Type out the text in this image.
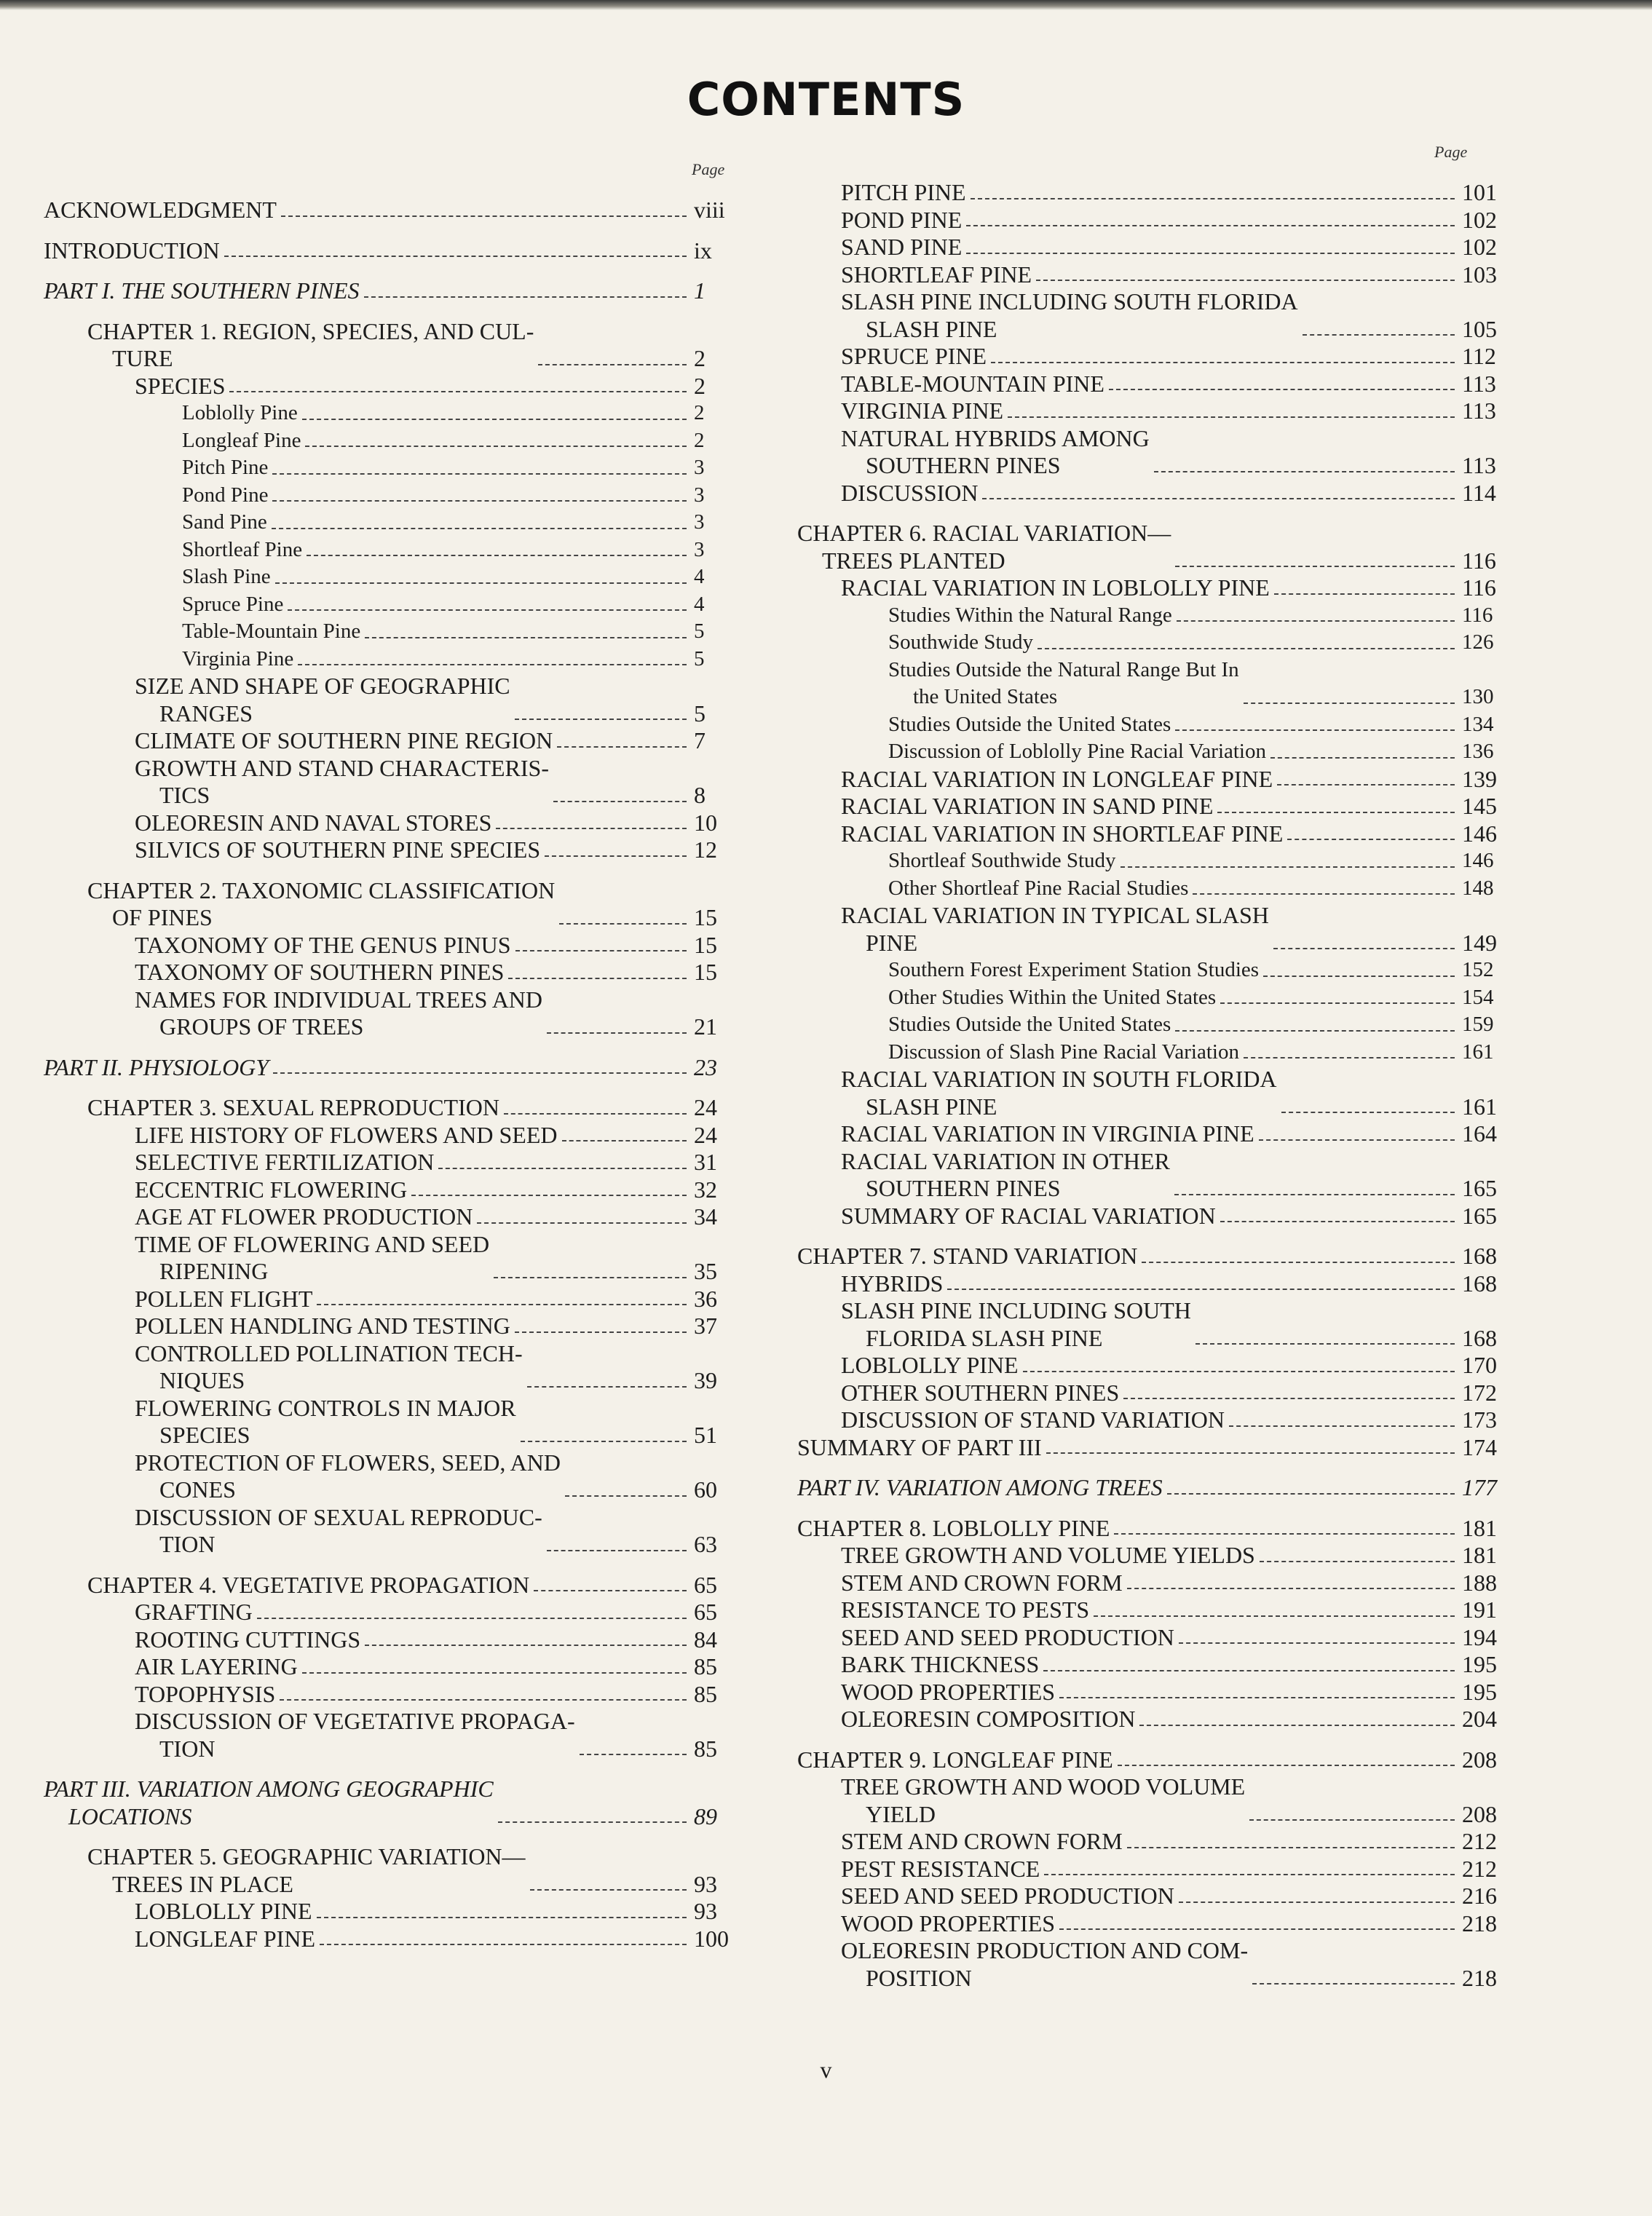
CONTENTS
Page
ACKNOWLEDGMENT	viii
INTRODUCTION	ix
PART I. THE SOUTHERN PINES	1
CHAPTER 1. REGION, SPECIES, AND CUL-
TURE	2
SPECIES	2
Loblolly Pine	2
Longleaf Pine	2
Pitch Pine	3
Pond Pine	3
Sand Pine	3
Shortleaf Pine	3
Slash Pine	4
Spruce Pine	4
Table-Mountain Pine	5
Virginia Pine	5
SIZE AND SHAPE OF GEOGRAPHIC
RANGES	5
CLIMATE OF SOUTHERN PINE REGION	7
GROWTH AND STAND CHARACTERIS-
TICS	8
OLEORESIN AND NAVAL STORES	10
SILVICS OF SOUTHERN PINE SPECIES	12
CHAPTER 2. TAXONOMIC CLASSIFICATION
OF PINES	15
TAXONOMY OF THE GENUS PINUS	15
TAXONOMY OF SOUTHERN PINES	15
NAMES FOR INDIVIDUAL TREES AND
GROUPS OF TREES	21
PART II. PHYSIOLOGY	23
CHAPTER 3. SEXUAL REPRODUCTION	24
LIFE HISTORY OF FLOWERS AND SEED	24
SELECTIVE FERTILIZATION	31
ECCENTRIC FLOWERING	32
AGE AT FLOWER PRODUCTION	34
TIME OF FLOWERING AND SEED
RIPENING	35
POLLEN FLIGHT	36
POLLEN HANDLING AND TESTING	37
CONTROLLED POLLINATION TECH-
NIQUES	39
FLOWERING CONTROLS IN MAJOR
SPECIES	51
PROTECTION OF FLOWERS, SEED, AND
CONES	60
DISCUSSION OF SEXUAL REPRODUC-
TION	63
CHAPTER 4. VEGETATIVE PROPAGATION	65
GRAFTING	65
ROOTING CUTTINGS	84
AIR LAYERING	85
TOPOPHYSIS	85
DISCUSSION OF VEGETATIVE PROPAGA-
TION	85
PART III. VARIATION AMONG GEOGRAPHIC
LOCATIONS	89
CHAPTER 5. GEOGRAPHIC VARIATION—
TREES IN PLACE	93
LOBLOLLY PINE	93
LONGLEAF PINE	100
Page
PITCH PINE	101
POND PINE	102
SAND PINE	102
SHORTLEAF PINE	103
SLASH PINE INCLUDING SOUTH FLORIDA
SLASH PINE	105
SPRUCE PINE	112
TABLE-MOUNTAIN PINE	113
VIRGINIA PINE	113
NATURAL HYBRIDS AMONG
SOUTHERN PINES	113
DISCUSSION	114
CHAPTER 6. RACIAL VARIATION—
TREES PLANTED	116
RACIAL VARIATION IN LOBLOLLY PINE	116
Studies Within the Natural Range	116
Southwide Study	126
Studies Outside the Natural Range But In
the United States	130
Studies Outside the United States	134
Discussion of Loblolly Pine Racial Variation	136
RACIAL VARIATION IN LONGLEAF PINE	139
RACIAL VARIATION IN SAND PINE	145
RACIAL VARIATION IN SHORTLEAF PINE	146
Shortleaf Southwide Study	146
Other Shortleaf Pine Racial Studies	148
RACIAL VARIATION IN TYPICAL SLASH
PINE	149
Southern Forest Experiment Station Studies	152
Other Studies Within the United States	154
Studies Outside the United States	159
Discussion of Slash Pine Racial Variation	161
RACIAL VARIATION IN SOUTH FLORIDA
SLASH PINE	161
RACIAL VARIATION IN VIRGINIA PINE	164
RACIAL VARIATION IN OTHER
SOUTHERN PINES	165
SUMMARY OF RACIAL VARIATION	165
CHAPTER 7. STAND VARIATION	168
HYBRIDS	168
SLASH PINE INCLUDING SOUTH
FLORIDA SLASH PINE	168
LOBLOLLY PINE	170
OTHER SOUTHERN PINES	172
DISCUSSION OF STAND VARIATION	173
SUMMARY OF PART III	174
PART IV. VARIATION AMONG TREES	177
CHAPTER 8. LOBLOLLY PINE	181
TREE GROWTH AND VOLUME YIELDS	181
STEM AND CROWN FORM	188
RESISTANCE TO PESTS	191
SEED AND SEED PRODUCTION	194
BARK THICKNESS	195
WOOD PROPERTIES	195
OLEORESIN COMPOSITION	204
CHAPTER 9. LONGLEAF PINE	208
TREE GROWTH AND WOOD VOLUME
YIELD	208
STEM AND CROWN FORM	212
PEST RESISTANCE	212
SEED AND SEED PRODUCTION	216
WOOD PROPERTIES	218
OLEORESIN PRODUCTION AND COM-
POSITION	218
v
